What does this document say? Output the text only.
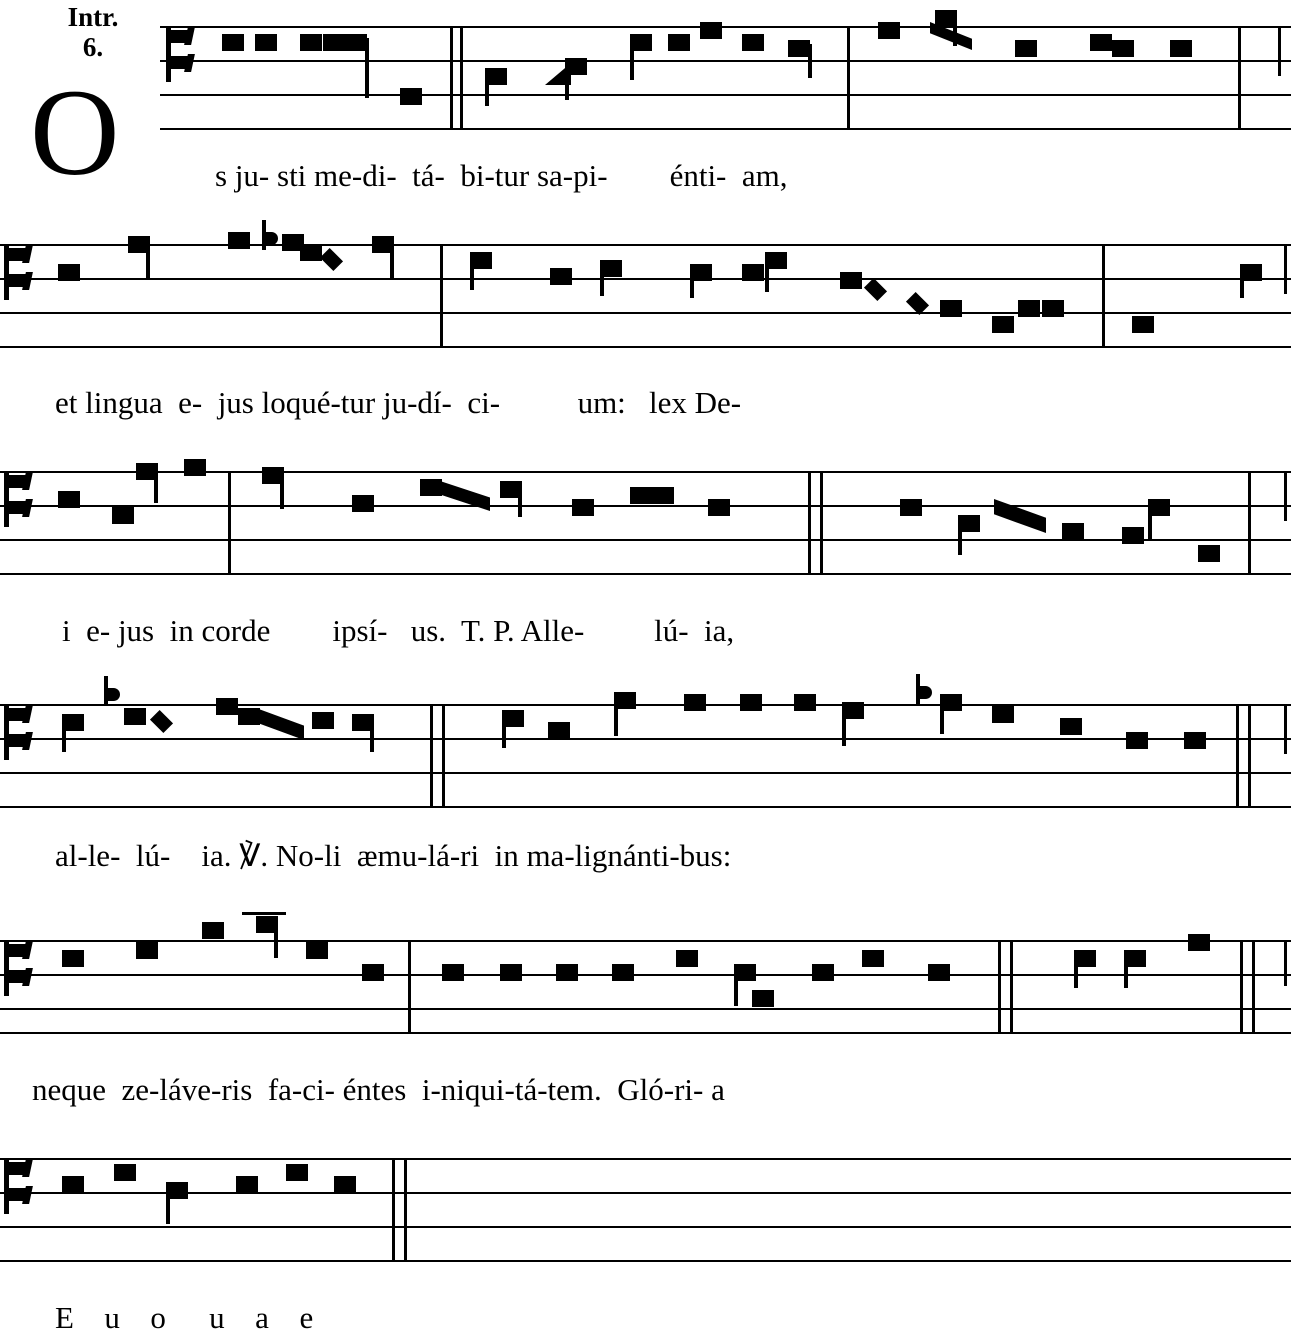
Intr.
6.
O	s ju- sti me-di-  tá-  bi-tur sa-pi-        énti-  am,
et lingua  e-  jus loqué-tur ju-dí-  ci-          um:   lex De-
i  e- jus  in corde        ipsí-   us.  T. P. Alle-         lú-  ia,
al-le-  lú-    ia. ℣. No-li  æmu-lá-ri  in ma-lignánti-bus:
neque  ze-láve-ris  fa-ci- éntes  i-niqui-tá-tem.  Gló-ri- a
E  u  o   u  a  e
